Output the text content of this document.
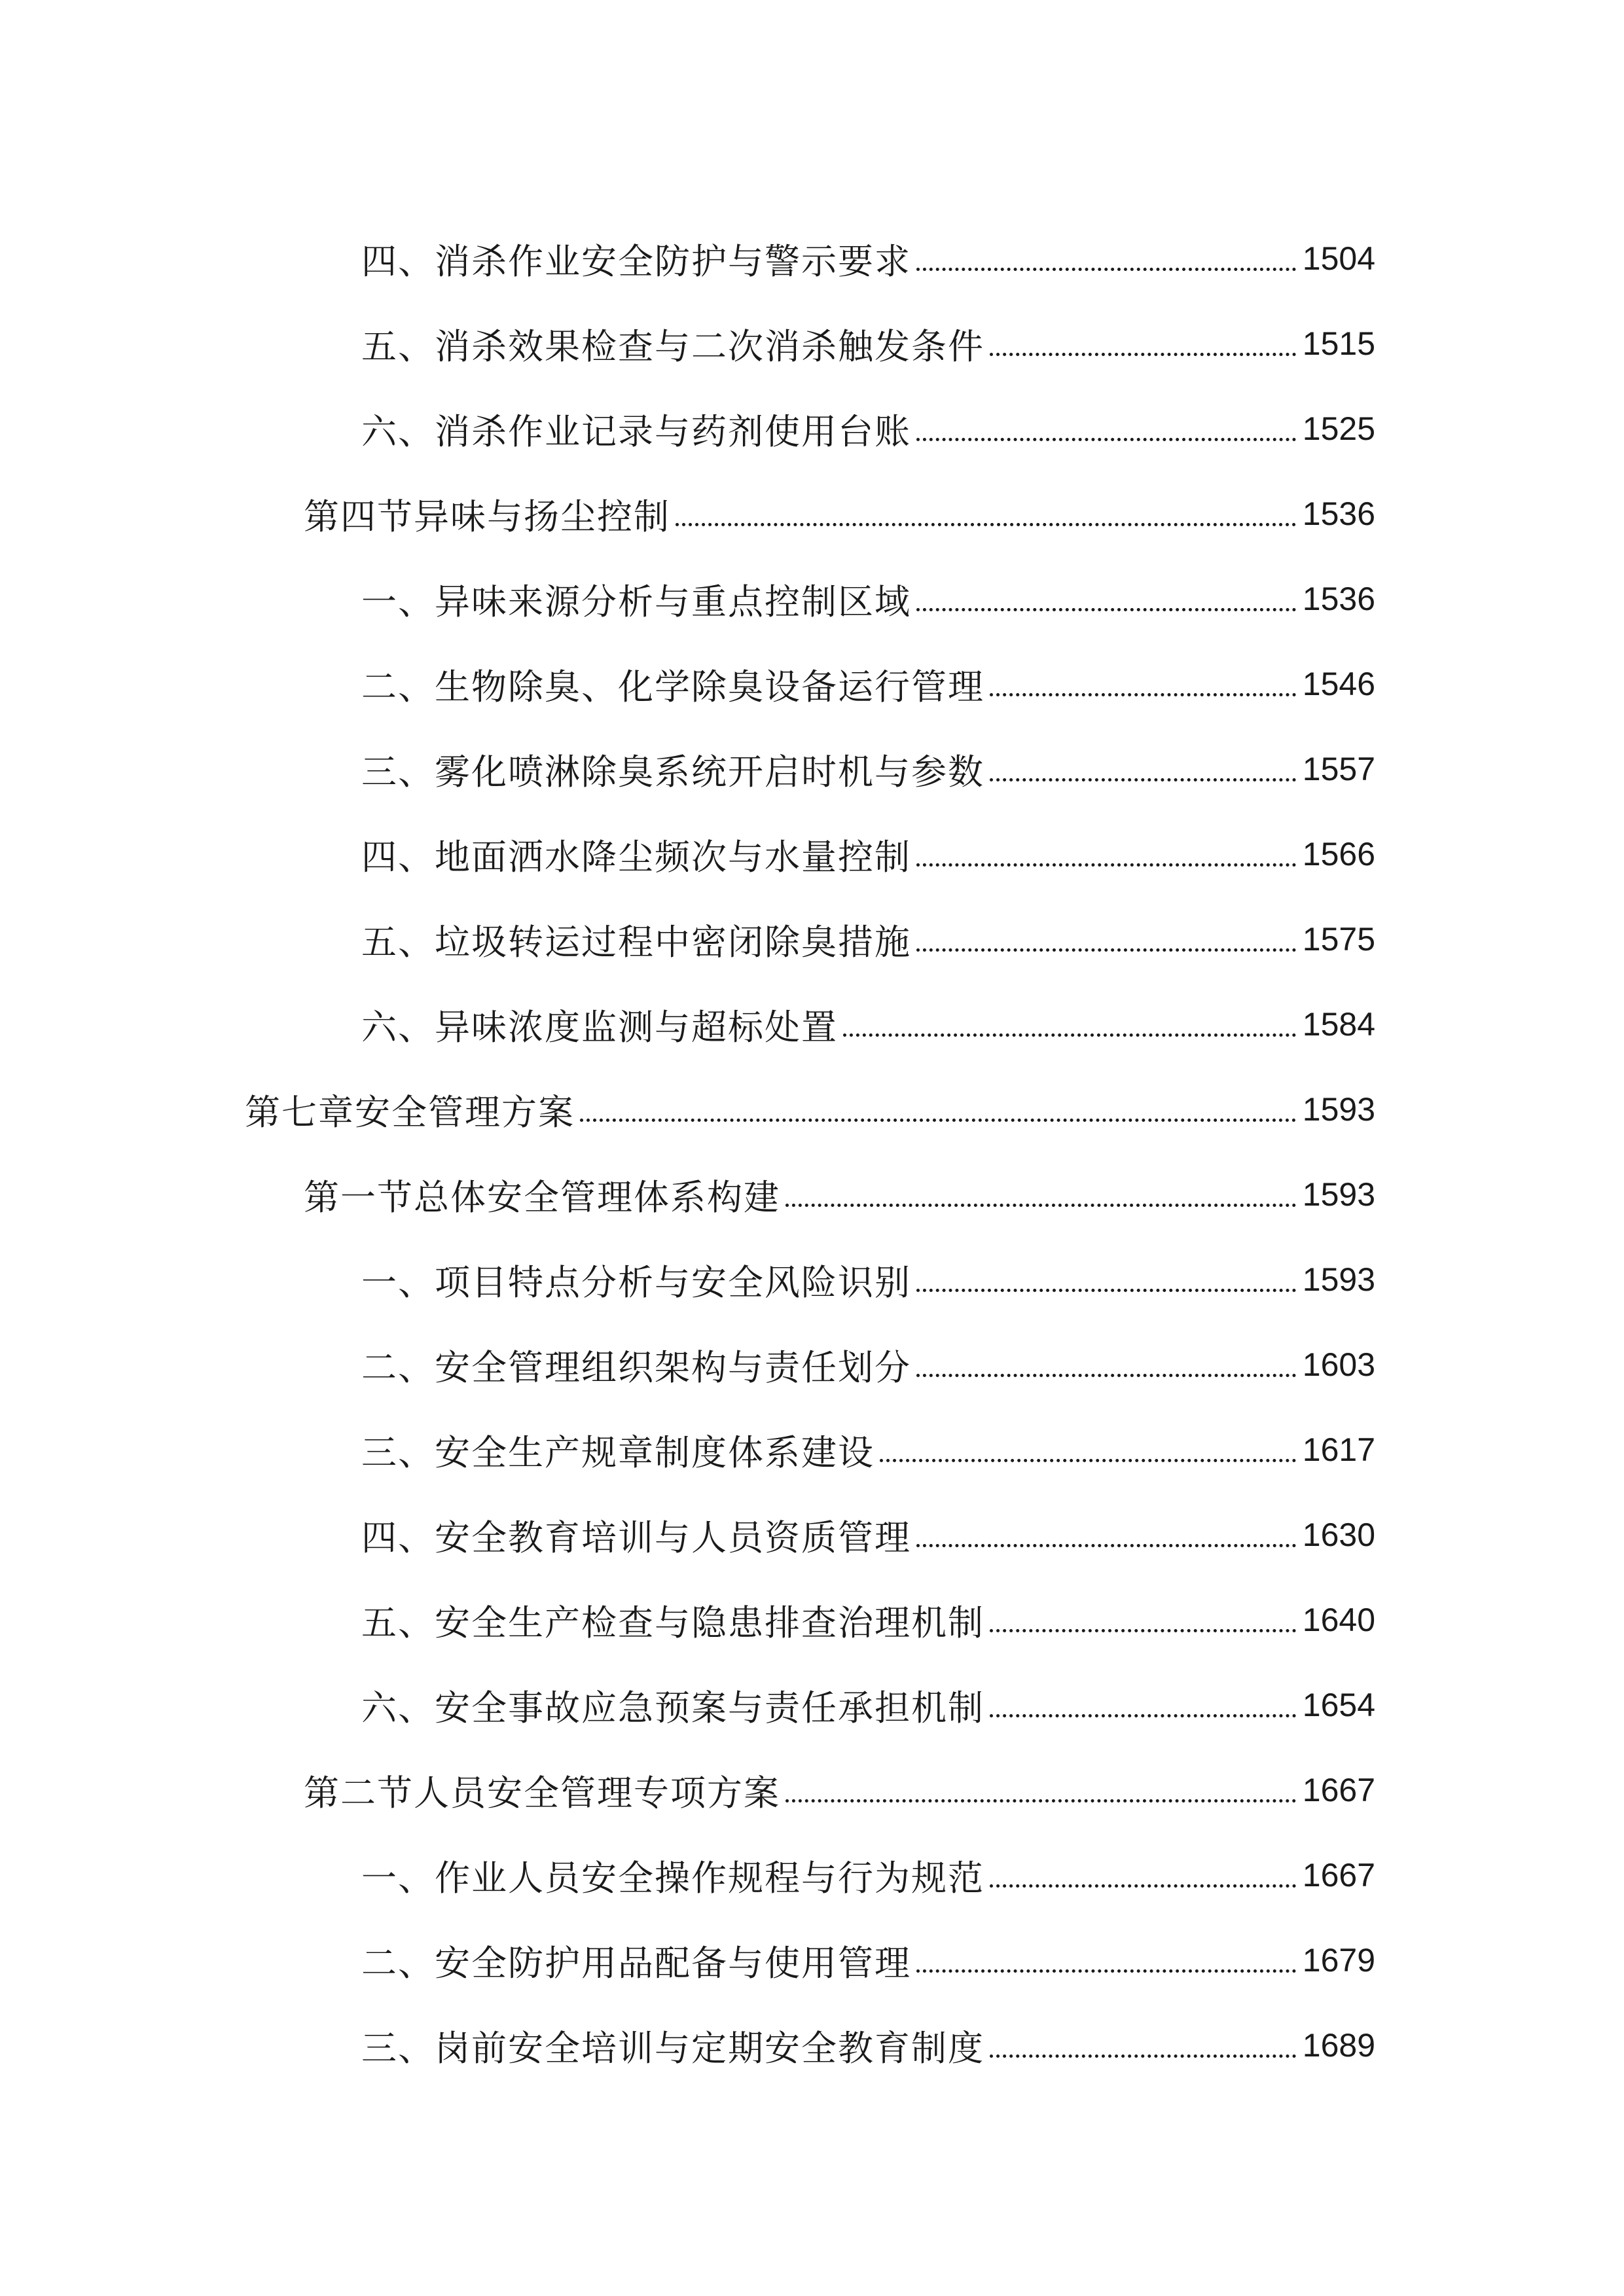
四、消杀作业安全防护与警示要求	1504
五、消杀效果检查与二次消杀触发条件	1515
六、消杀作业记录与药剂使用台账	1525
第四节异味与扬尘控制	1536
一、异味来源分析与重点控制区域	1536
二、生物除臭、化学除臭设备运行管理	1546
三、雾化喷淋除臭系统开启时机与参数	1557
四、地面洒水降尘频次与水量控制	1566
五、垃圾转运过程中密闭除臭措施	1575
六、异味浓度监测与超标处置	1584
第七章安全管理方案	1593
第一节总体安全管理体系构建	1593
一、项目特点分析与安全风险识别	1593
二、安全管理组织架构与责任划分	1603
三、安全生产规章制度体系建设	1617
四、安全教育培训与人员资质管理	1630
五、安全生产检查与隐患排查治理机制	1640
六、安全事故应急预案与责任承担机制	1654
第二节人员安全管理专项方案	1667
一、作业人员安全操作规程与行为规范	1667
二、安全防护用品配备与使用管理	1679
三、岗前安全培训与定期安全教育制度	1689
